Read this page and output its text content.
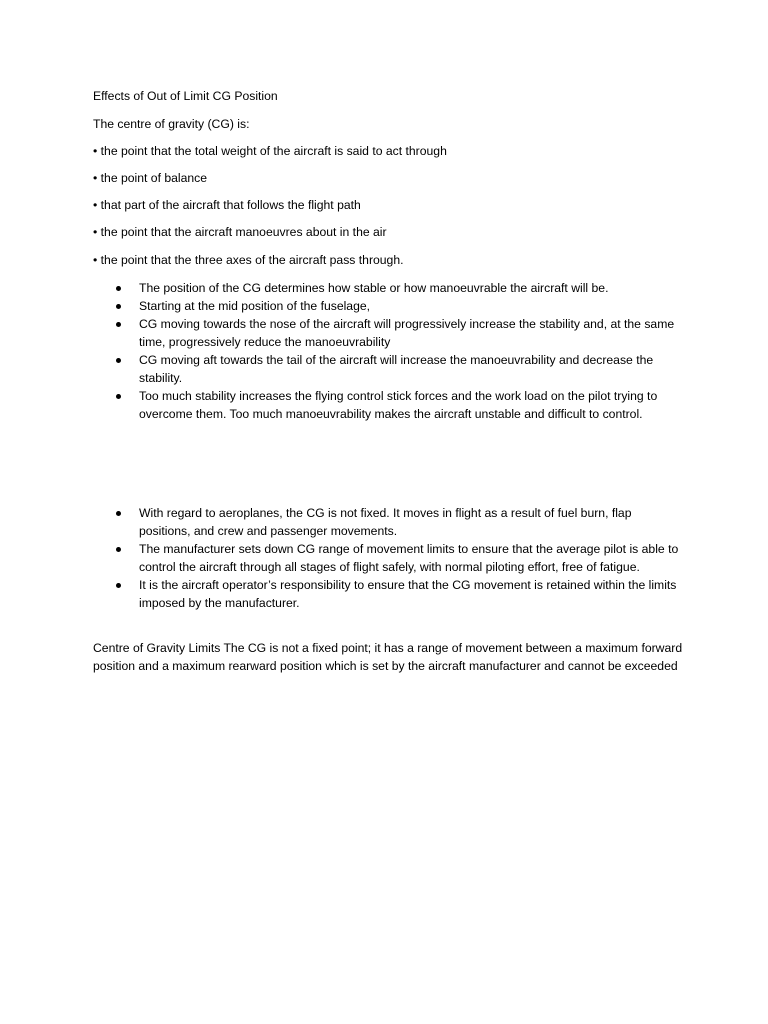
Effects of Out of Limit CG Position

The centre of gravity (CG) is:

• the point that the total weight of the aircraft is said to act through

• the point of balance

• that part of the aircraft that follows the flight path

• the point that the aircraft manoeuvres about in the air

• the point that the three axes of the aircraft pass through.

The position of the CG determines how stable or how manoeuvrable the aircraft will be.
Starting at the mid position of the fuselage,
CG moving towards the nose of the aircraft will progressively increase the stability and, at the same time, progressively reduce the manoeuvrability
CG moving aft towards the tail of the aircraft will increase the manoeuvrability and decrease the stability.
Too much stability increases the flying control stick forces and the work load on the pilot trying to overcome them. Too much manoeuvrability makes the aircraft unstable and difficult to control.
With regard to aeroplanes, the CG is not fixed. It moves in flight as a result of fuel burn, flap positions, and crew and passenger movements.
The manufacturer sets down CG range of movement limits to ensure that the average pilot is able to control the aircraft through all stages of flight safely, with normal piloting effort, free of fatigue.
It is the aircraft operator’s responsibility to ensure that the CG movement is retained within the limits imposed by the manufacturer.

Centre of Gravity Limits The CG is not a fixed point; it has a range of movement between a maximum forward position and a maximum rearward position which is set by the aircraft manufacturer and cannot be exceeded
